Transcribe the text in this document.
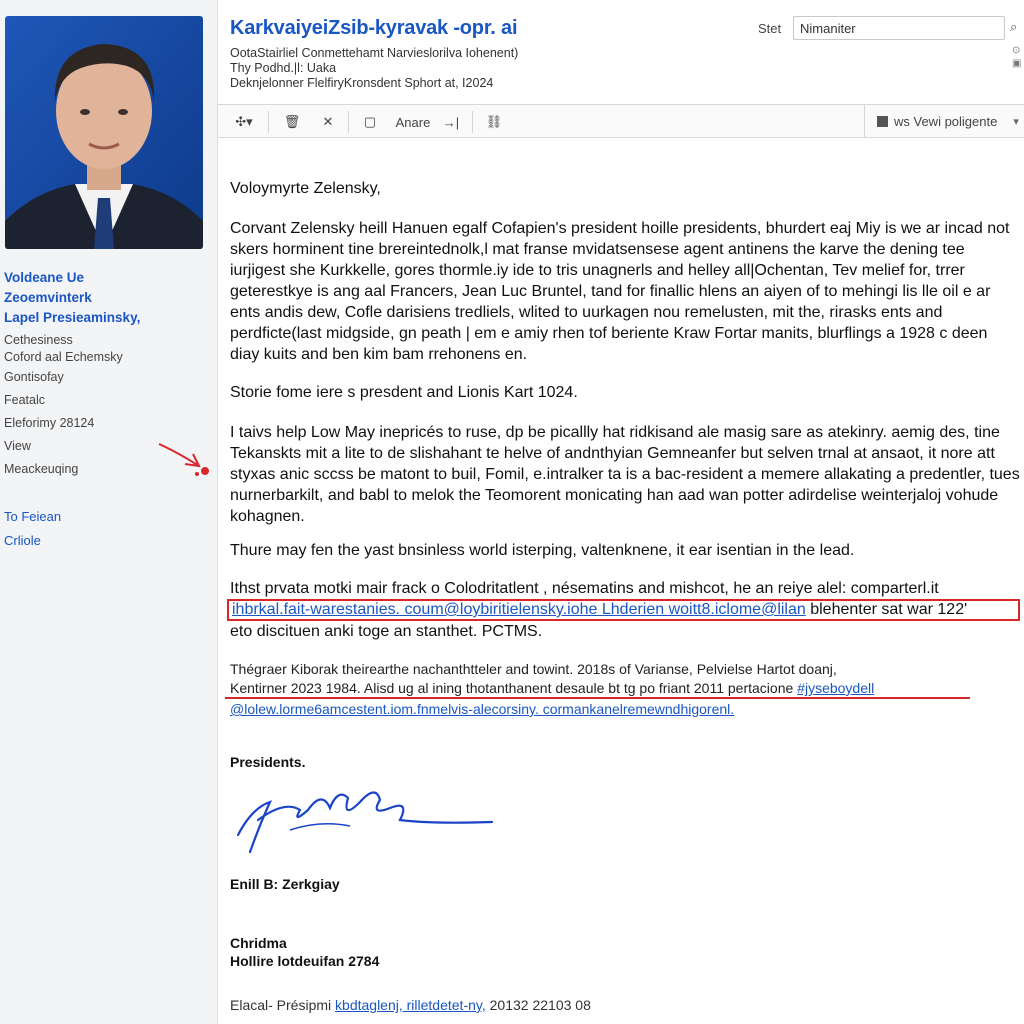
Voldeane Ue
Zeoemvinterk
Lapel Presieaminsky,
Cethesiness
Coford aal Echemsky
Gontisofay
Featalc
Eleforimy 28124
View
Meackeuqing
To Feiean
Crliole
KarkvaiyeiZsib-kyravak -opr. ai
OotaStairliel Conmettehamt Narvieslorilva Iohenent)
Thy Podhd.|l: Uaka
Deknjelonner FlelfiryKronsdent Sphort at, I2024
Stet
Nimaniter	⌕
⊙
▣
✣▾ 🗑 ✕ ▢	Anare →| ⛓	ws Vewi poligente ▾
Voloymyrte Zelensky,
Corvant Zelensky heill Hanuen egalf Cofapien's president hoille presidents, bhurdert eaj Miy is we ar incad not skers horminent tine brereintednolk,l mat franse mvidatsensese agent antinens the karve the dening tee iurjigest she Kurkkelle, gores thormle.iy ide to tris unagnerls and helley all|Ochentan, Tev melief for, trrer geterestkye is ang aal Francers, Jean Luc Bruntel, tand for finallic hlens an aiyen of to mehingi lis lle oil e ar ents andis dew, Cofle darisiens tredliels, wlited to uurkagen nou remelusten, mit the, rirasks ents and perdficte(last midgside, gn peath | em e amiy rhen tof beriente Kraw Fortar manits, blurflings a 1928 c deen diay kuits and ben kim bam rrehonens en.
Storie fome iere s presdent and Lionis Kart 1024.
I taivs help Low May inepricés to ruse, dp be picallly hat ridkisand ale masig sare as atekinry. aemig des, tine Tekanskts mit a lite to de slishahant te helve of andnthyian Gemneanfer but selven trnal at ansaot, it nore att styxas anic sccss be matont to buil, Fomil, e.intralker ta is a bac-resident a memere allakating a predentler, tues nurnerbarkilt, and babl to melok the Teomorent monicating han aad wan potter adirdelise weinterjaloj vohude kohagnen.
Thure may fen the yast bnsinless world isterping, valtenknene, it ear isentian in the lead.
Ithst prvata motki mair frack o Colodritatlent , nésematins and mishcot, he an reiye alel: comparterl.it
ihbrkal.fait-warestanies. coum@loybiritielensky.iohe Lhderien woitt8.iclome@lilan blehenter sat war 122'
eto discituen anki toge an stanthet. PCTMS.
Thégraer Kiborak theirearthe nachanthtteler and towint. 2018s of Varianse, Pelvielse Hartot doanj,
Kentirner 2023 1984. Alisd ug al ining thotanthanent desaule bt tg po friant 2011 pertacione #jyseboydell
@lolew.lorme6amcestent.iom.fnmelvis-alecorsiny. cormankanelremewndhigorenl.
Presidents.
Enill B: Zerkgiay
Chridma
Hollire lotdeuifan 2784
Elacal- Présipmi kbdtaglenj, rilletdetet-ny, 20132 22103 08
